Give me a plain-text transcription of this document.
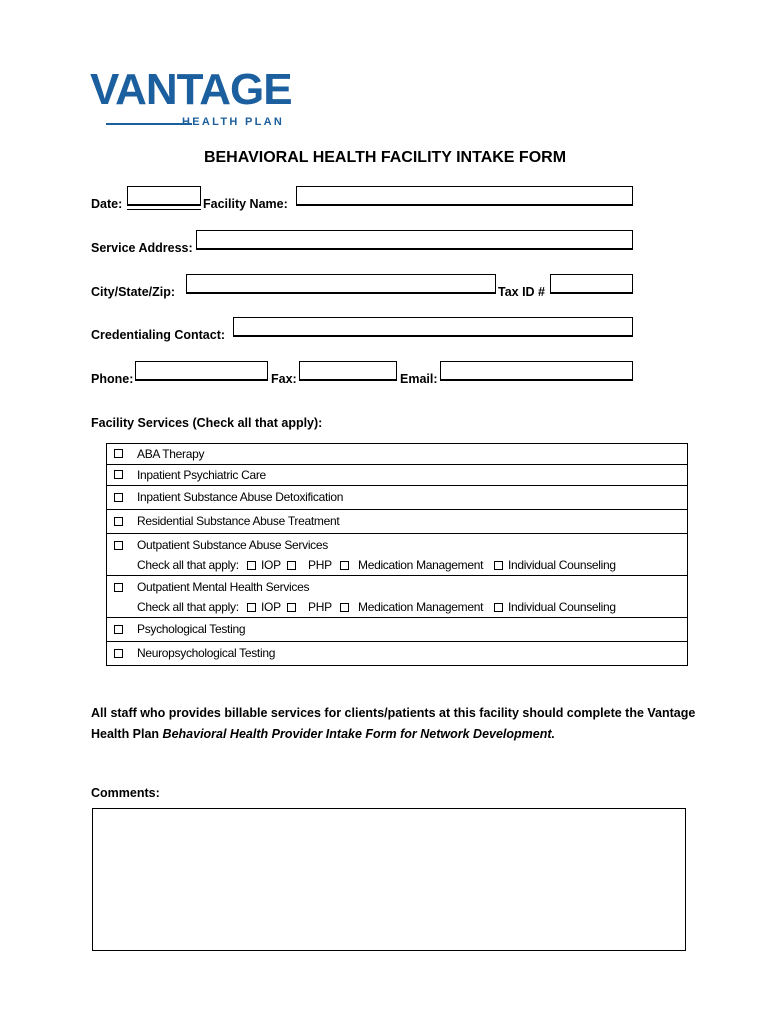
VANTAGE
HEALTH PLAN
BEHAVIORAL HEALTH FACILITY INTAKE FORM
Date:	Facility Name:
Service Address:
City/State/Zip:	Tax ID #
Credentialing Contact:
Phone:	Fax:	Email:
Facility Services (Check all that apply):
ABA Therapy
Inpatient Psychiatric Care
Inpatient Substance Abuse Detoxification
Residential Substance Abuse Treatment
Outpatient Substance Abuse Services
Check all that apply: IOP PHP Medication Management Individual Counseling
Outpatient Mental Health Services
Check all that apply: IOP PHP Medication Management Individual Counseling
Psychological Testing
Neuropsychological Testing
All staff who provides billable services for clients/patients at this facility should complete the Vantage Health Plan Behavioral Health Provider Intake Form for Network Development.
Comments:
